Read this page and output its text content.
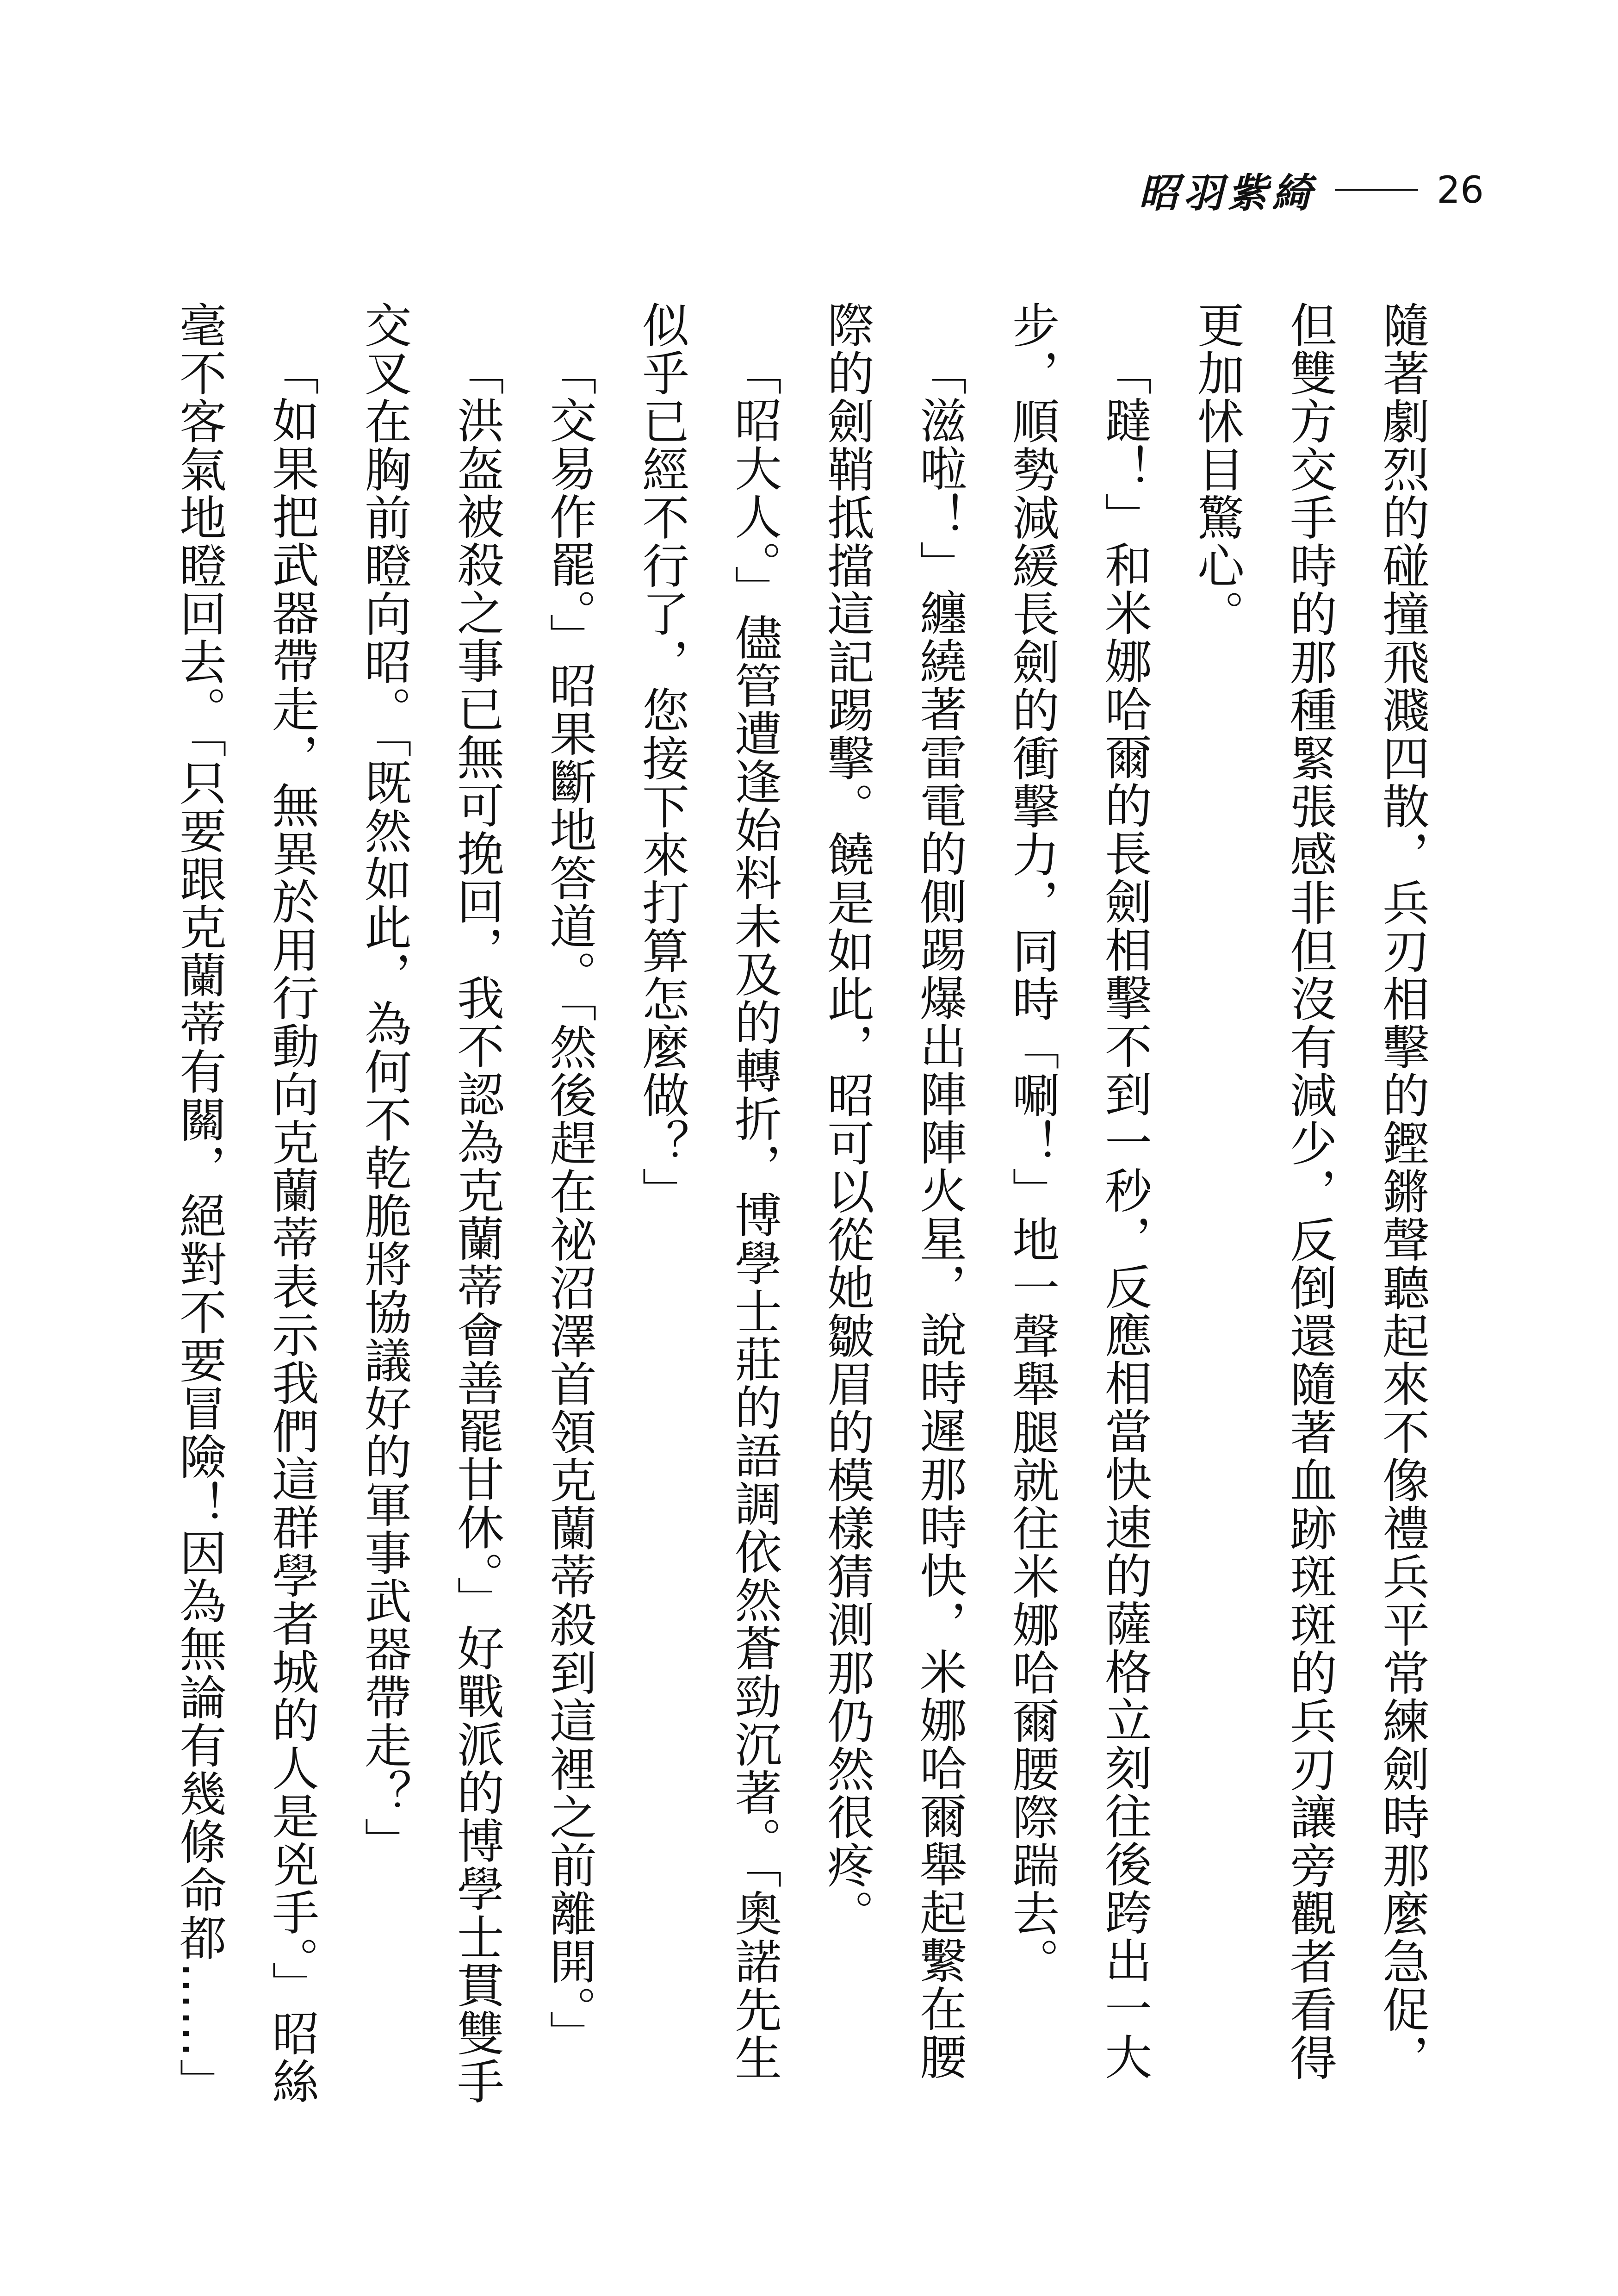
昭羽紫綺	26

隨著劇烈的碰撞飛濺四散，兵刃相擊的鏗鏘聲聽起來不像禮兵平常練劍時那麼急促，但雙方交手時的那種緊張感非但沒有減少，反倒還隨著血跡斑斑的兵刃讓旁觀者看得更加怵目驚心。

「躂！」和米娜哈爾的長劍相擊不到一秒，反應相當快速的薩格立刻往後跨出一大步，順勢減緩長劍的衝擊力，同時「唰！」地一聲舉腿就往米娜哈爾腰際踹去。

「滋啦！」纏繞著雷電的側踢爆出陣陣火星，說時遲那時快，米娜哈爾舉起繫在腰際的劍鞘抵擋這記踢擊。饒是如此，昭可以從她皺眉的模樣猜測那仍然很疼。

「昭大人。」儘管遭逢始料未及的轉折，博學士莊的語調依然蒼勁沉著。「奧諾先生似乎已經不行了，您接下來打算怎麼做？」

「交易作罷。」昭果斷地答道。「然後趕在祕沼澤首領克蘭蒂殺到這裡之前離開。」

「洪盔被殺之事已無可挽回，我不認為克蘭蒂會善罷甘休。」好戰派的博學士貫雙手交叉在胸前瞪向昭。「既然如此，為何不乾脆將協議好的軍事武器帶走？」

「如果把武器帶走，無異於用行動向克蘭蒂表示我們這群學者城的人是兇手。」昭絲毫不客氣地瞪回去。「只要跟克蘭蒂有關，絕對不要冒險！因為無論有幾條命都……」
